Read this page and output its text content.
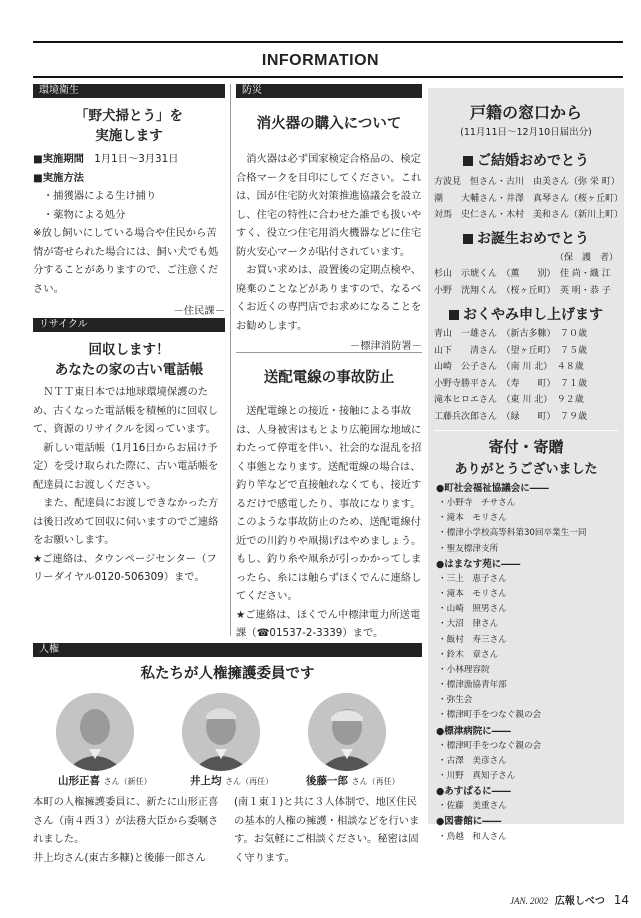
INFORMATION
環境衛生
「野犬掃とう」を
実施します

■実施期間　 1月1日～3月31日

■実施方法

・捕獲器による生け捕り

・薬物による処分

※放し飼いにしている場合や住民から苦情が寄せられた場合には、飼い犬でも処分することがありますので、ご注意ください。

－住民課－

リサイクル
回収します！
あなたの家の古い電話帳

ＮＴＴ東日本では地球環境保護のため、古くなった電話帳を積極的に回収して、資源のリサイクルを図っています。

新しい電話帳（1月16日からお届け予定）を受け取られた際に、古い電話帳を配達員にお渡しください。

また、配達員にお渡しできなかった方は後日改めて回収に伺いますのでご連絡をお願いします。

★ご連絡は、タウンページセンター（フリーダイヤル0120-506309）まで。

防災
消火器の購入について

消火器は必ず国家検定合格品の、検定合格マークを目印にしてください。これは、国が住宅防火対策推進協議会を設立し、住宅の特性に合わせた誰でも扱いやすく、役立つ住宅用消火機器などに住宅防火安心マークが貼付されています。

お買い求めは、設置後の定期点検や、廃棄のことなどがありますので、なるべくお近くの専門店でお求めになることをお勧めします。

－標津消防署－

送配電線の事故防止

送配電線との接近・接触による事故は、人身被害はもとより広範囲な地域にわたって停電を伴い、社会的な混乱を招く事態となります。送配電線の場合は、釣り竿などで直接触れなくても、接近するだけで感電したり、事故になります。このような事故防止のため、送配電線付近での川釣りや凧揚げはやめましょう。もし、釣り糸や凧糸が引っかかってしまったら、糸には触らずほくでんに連絡してください。

★ご連絡は、ほくでん中標津電力所送電課（☎01537-2-3339）まで。

人権
私たちが人権擁護委員です
山形正喜 さん（新任）	井上均 さん（再任）	後藤一郎 さん（再任）
本町の人権擁護委員に、新たに山形正喜さん（南４西３）が法務大臣から委嘱されました。
井上均さん(東古多糠)と後藤一郎さん
(南１東１)と共に３人体制で、地区住民の基本的人権の擁護・相談などを行います。お気軽にご相談ください。秘密は固く守ります。
戸籍の窓口から
(11月11日～12月10日届出分)
ご結婚おめでとう
方波見　恒さん・古川　由美さん（弥 栄 町）
潮　　大輔さん・井澤　真琴さん（桜ヶ丘町）
対馬　史仁さん・木村　美和さん（新川上町）
お誕生おめでとう
（保　護　者）
杉山　示琥くん　（薫　　別）　佳 尚・織 江
小野　洸翔くん　（桜ヶ丘町）　英 明・恭 子
おくやみ申し上げます
青山　一雄さん　（新古多糠）　７０歳
山下　　清さん　（望ヶ丘町）　７５歳
山崎　公子さん　（南 川 北）　４８歳
小野寺勝平さん　（寿　　町）　７１歳
滝本ヒロエさん　（東 川 北）　９２歳
工藤兵次郎さん　（緑　　町）　７９歳
寄付・寄贈
ありがとうございました
●町社会福祉協議会に――
・小野寺　チサさん
・滝本　モリさん
・標津小学校高等科第30回卒業生一同
・聖友標津支所
●はまなす苑に――
・三上　恵子さん
・滝本　モリさん
・山崎　照男さん
・大沼　律さん
・飯村　寿三さん
・鈴木　章さん
・小林理容院
・標津漁協青年部
・弥生会
・標津町手をつなぐ親の会
●標津病院に――
・標津町手をつなぐ親の会
・古澤　美彦さん
・川野　真知子さん
●あすぱるに――
・佐藤　美重さん
●図書館に――
・鳥越　和人さん
JAN. 2002 広報しべつ 14
